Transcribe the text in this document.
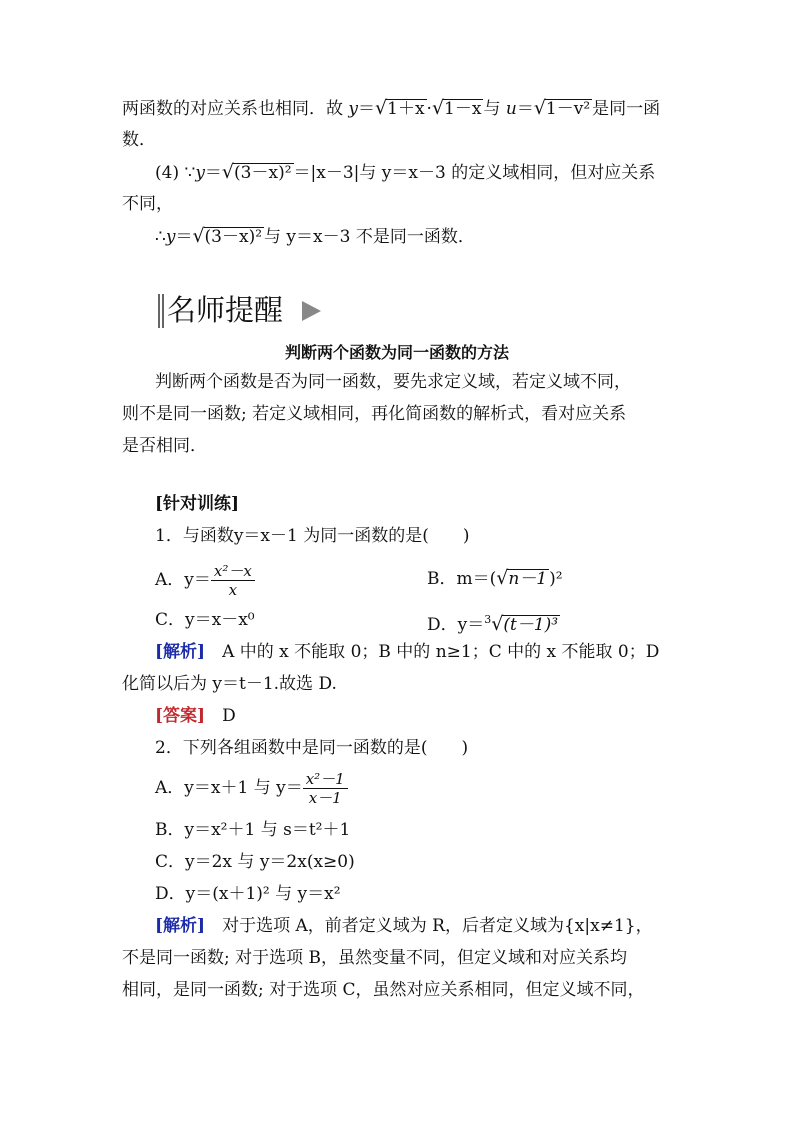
两函数的对应关系也相同．故 y＝√1＋x ·√1－x 与 u＝√1－v² 是同一函
数．
(4) ∵y＝√(3－x)² ＝|x－3|与 y＝x－3 的定义域相同，但对应关系
不同，
∴y＝√(3－x)² 与 y＝x－3 不是同一函数．
名师提醒
判断两个函数为同一函数的方法
判断两个函数是否为同一函数，要先求定义域，若定义域不同，
则不是同一函数; 若定义域相同，再化简函数的解析式，看对应关系
是否相同．
[针对训练]
1．与函数y＝x－1 为同一函数的是(　　)
A．$y= \frac{\text{x²－x}}{x}$	B．m＝(√n－1 )²
C．y＝x－x⁰	D．y＝$^3$√(t－1)³
[解析]　 A 中的 x 不能取 0；B 中的 n≥1；C 中的 x 不能取 0；D
化简以后为 y＝t－1.故选 D.
[答案]　 D
2．下列各组函数中是同一函数的是(　　)
A．y＝x＋1 与 $y= \frac{\text{x²－1}}{x-1}$
B．y＝x²＋1 与 s＝t²＋1
C．y＝2x 与 y＝2x(x≥0)
D．y＝(x＋1)² 与 y＝x²
[解析]　 对于选项 A，前者定义域为 R，后者定义域为{x|x≠1}，
不是同一函数; 对于选项 B，虽然变量不同，但定义域和对应关系均
相同，是同一函数; 对于选项 C，虽然对应关系相同，但定义域不同，
